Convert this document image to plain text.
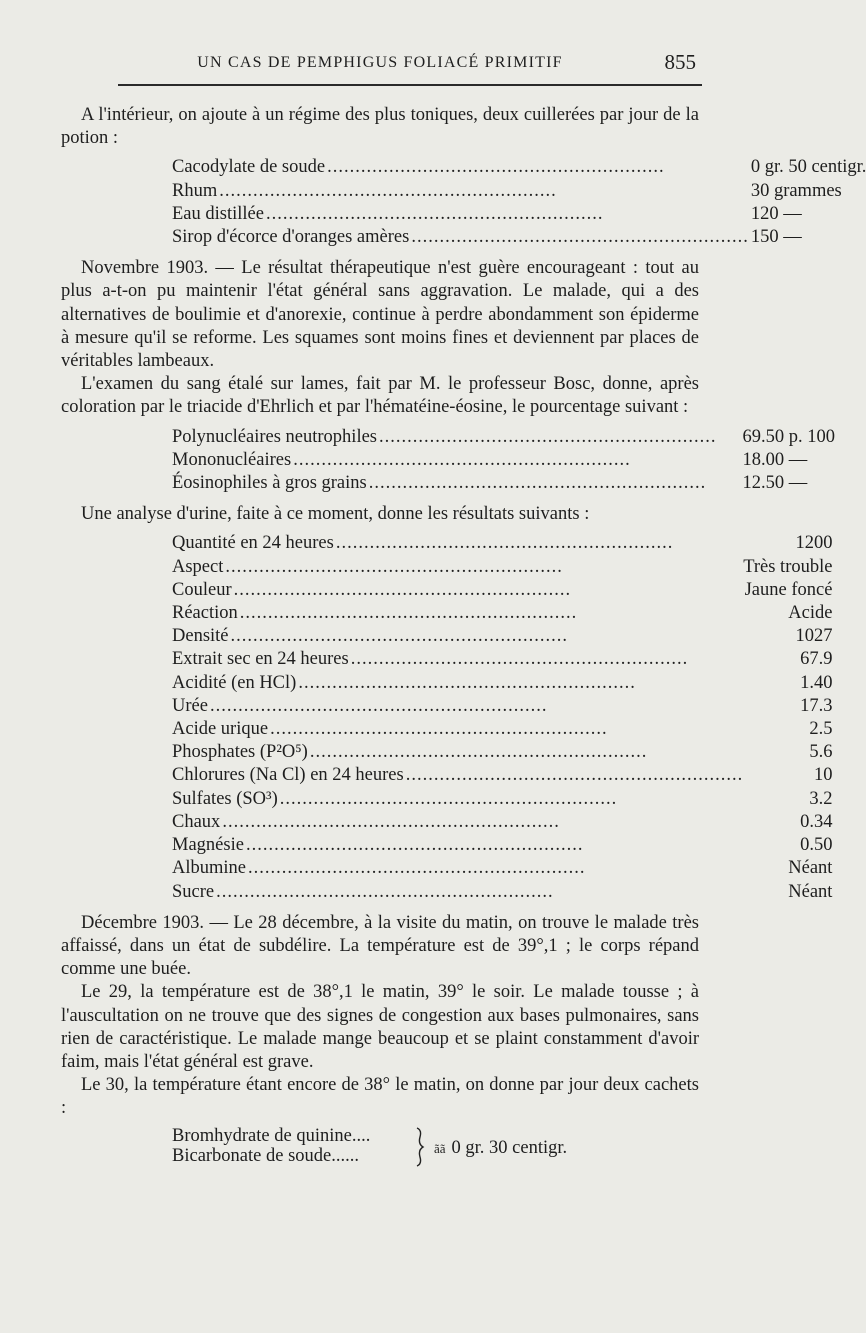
UN CAS DE PEMPHIGUS FOLIACÉ PRIMITIF	855

A l'intérieur, on ajoute à un régime des plus toniques, deux cuillerées par jour de la potion :

Cacodylate de soude ............................................................	0 gr. 50 centigr.
Rhum ............................................................	30 grammes
Eau distillée ............................................................	120 —
Sirop d'écorce d'oranges amères ............................................................	150 —

Novembre 1903. — Le résultat thérapeutique n'est guère encourageant : tout au plus a-t-on pu maintenir l'état général sans aggravation. Le malade, qui a des alternatives de boulimie et d'anorexie, continue à perdre abondamment son épiderme à mesure qu'il se reforme. Les squames sont moins fines et deviennent par places de véritables lambeaux.

L'examen du sang étalé sur lames, fait par M. le professeur Bosc, donne, après coloration par le triacide d'Ehrlich et par l'hématéine-éosine, le pourcentage suivant :

Polynucléaires neutrophiles ............................................................	69.50 p. 100
Mononucléaires ............................................................	18.00 —
Éosinophiles à gros grains ............................................................	12.50 —

Une analyse d'urine, faite à ce moment, donne les résultats suivants :

Quantité en 24 heures ............................................................	1200
Aspect ............................................................	Très trouble
Couleur ............................................................	Jaune foncé
Réaction ............................................................	Acide
Densité ............................................................	1027
Extrait sec en 24 heures ............................................................	67.9
Acidité (en HCl) ............................................................	1.40
Urée ............................................................	17.3
Acide urique ............................................................	2.5
Phosphates (P²O⁵) ............................................................	5.6
Chlorures (Na Cl) en 24 heures ............................................................	10
Sulfates (SO³) ............................................................	3.2
Chaux ............................................................	0.34
Magnésie ............................................................	0.50
Albumine ............................................................	Néant
Sucre ............................................................	Néant

Décembre 1903. — Le 28 décembre, à la visite du matin, on trouve le malade très affaissé, dans un état de subdélire. La température est de 39°,1 ; le corps répand comme une buée.

Le 29, la température est de 38°,1 le matin, 39° le soir. Le malade tousse ; à l'auscultation on ne trouve que des signes de congestion aux bases pulmonaires, sans rien de caractéristique. Le malade mange beaucoup et se plaint constamment d'avoir faim, mais l'état général est grave.

Le 30, la température étant encore de 38° le matin, on donne par jour deux cachets :

Bromhydrate de quinine....
Bicarbonate de soude......	ãã 0 gr. 30 centigr.
